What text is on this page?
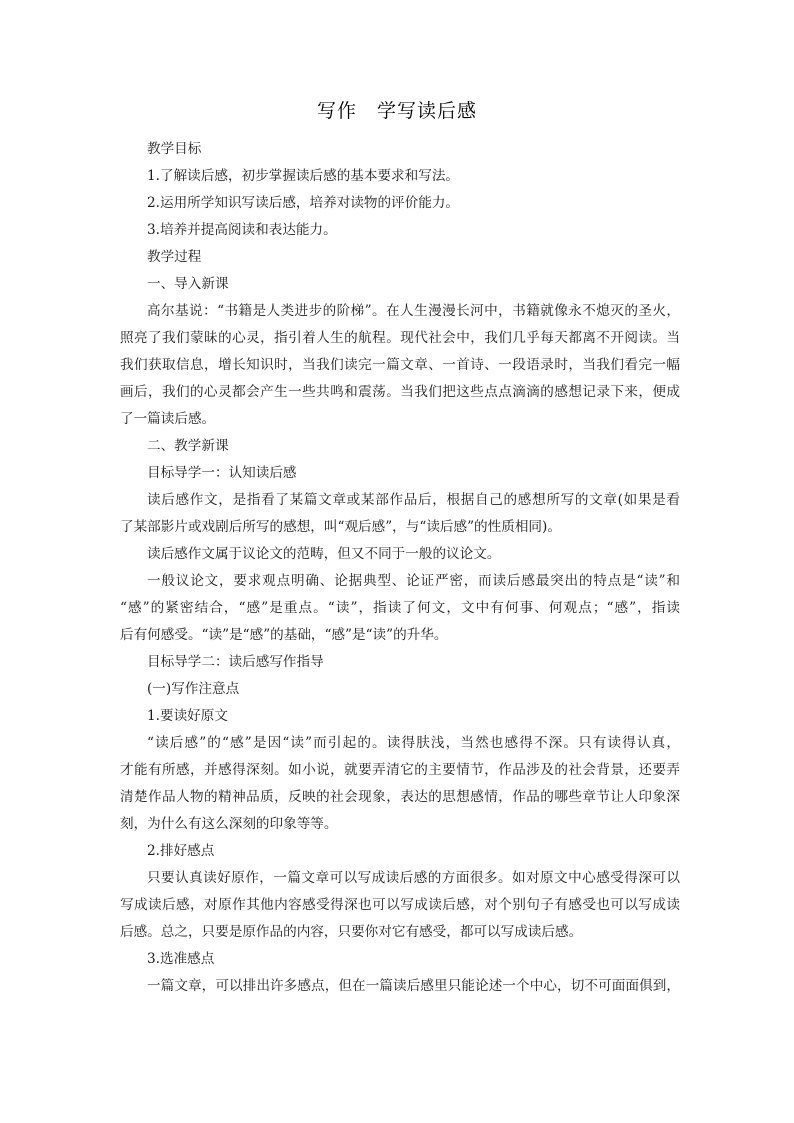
写作　学写读后感
教学目标
1.了解读后感，初步掌握读后感的基本要求和写法。
2.运用所学知识写读后感，培养对读物的评价能力。
3.培养并提高阅读和表达能力。
教学过程
一、导入新课
高尔基说：“书籍是人类进步的阶梯”。在人生漫漫长河中，书籍就像永不熄灭的圣火，
照亮了我们蒙昧的心灵，指引着人生的航程。现代社会中，我们几乎每天都离不开阅读。当
我们获取信息，增长知识时，当我们读完一篇文章、一首诗、一段语录时，当我们看完一幅
画后，我们的心灵都会产生一些共鸣和震荡。当我们把这些点点滴滴的感想记录下来，便成
了一篇读后感。
二、教学新课
目标导学一：认知读后感
读后感作文，是指看了某篇文章或某部作品后，根据自己的感想所写的文章(如果是看
了某部影片或戏剧后所写的感想，叫“观后感”，与“读后感”的性质相同)。
读后感作文属于议论文的范畴，但又不同于一般的议论文。
一般议论文，要求观点明确、论据典型、论证严密，而读后感最突出的特点是“读”和
“感”的紧密结合，“感”是重点。“读”，指读了何文，文中有何事、何观点；“感”，指读
后有何感受。“读”是“感”的基础，“感”是“读”的升华。
目标导学二：读后感写作指导
(一)写作注意点
1.要读好原文
“读后感”的“感”是因“读”而引起的。读得肤浅，当然也感得不深。只有读得认真，
才能有所感，并感得深刻。如小说，就要弄清它的主要情节，作品涉及的社会背景，还要弄
清楚作品人物的精神品质，反映的社会现象，表达的思想感情，作品的哪些章节让人印象深
刻，为什么有这么深刻的印象等等。
2.排好感点
只要认真读好原作，一篇文章可以写成读后感的方面很多。如对原文中心感受得深可以
写成读后感，对原作其他内容感受得深也可以写成读后感，对个别句子有感受也可以写成读
后感。总之，只要是原作品的内容，只要你对它有感受，都可以写成读后感。
3.选准感点
一篇文章，可以排出许多感点，但在一篇读后感里只能论述一个中心，切不可面面俱到，
